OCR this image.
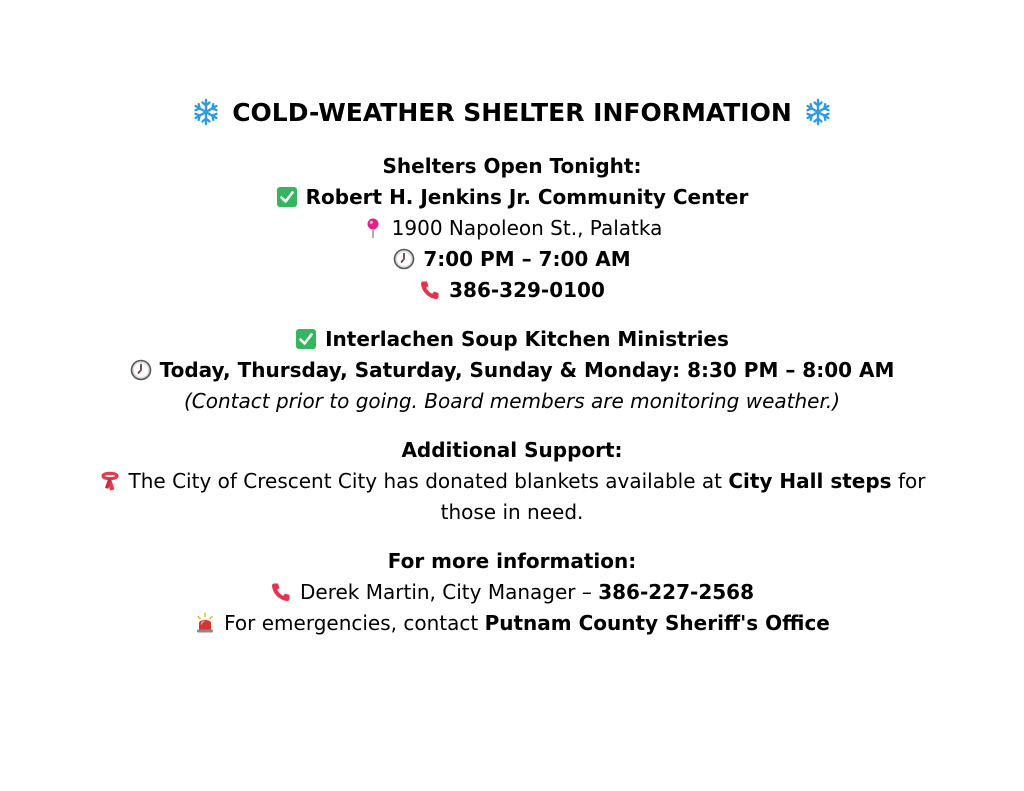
COLD-WEATHER SHELTER INFORMATION
Shelters Open Tonight:
Robert H. Jenkins Jr. Community Center
1900 Napoleon St., Palatka
7:00 PM – 7:00 AM
386-329-0100
Interlachen Soup Kitchen Ministries
Today, Thursday, Saturday, Sunday & Monday: 8:30 PM – 8:00 AM
(Contact prior to going. Board members are monitoring weather.)
Additional Support:
The City of Crescent City has donated blankets available at City Hall steps for
those in need.
For more information:
Derek Martin, City Manager – 386-227-2568
For emergencies, contact Putnam County Sheriff's Office
